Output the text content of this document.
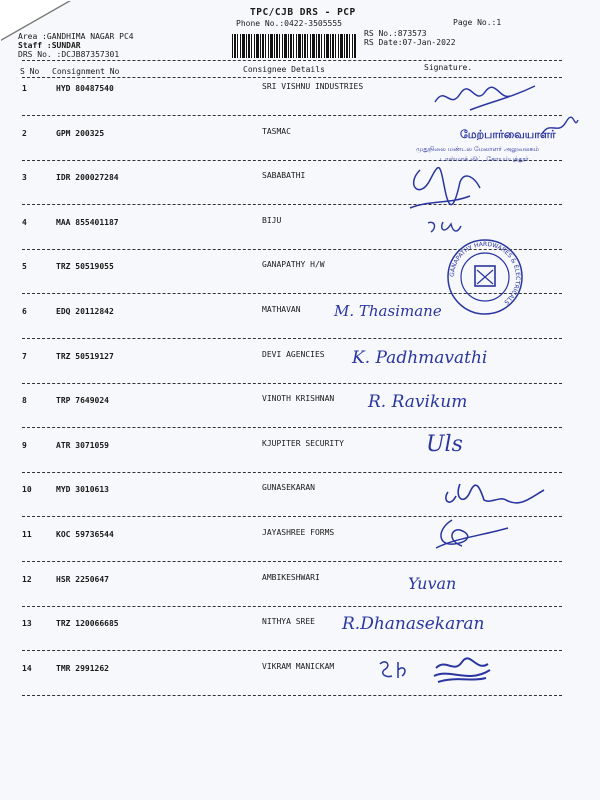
Area :GANDHIMA NAGAR PC4
Staff :SUNDAR
DRS No. :DCJB87357301
TPC/CJB DRS - PCP
Phone No.:0422-3505555
RS No.:873573
RS Date:07-Jan-2022
Page No.:1
S No Consignment No	Consignee Details	Signature.
1	HYD 80487540	SRI VISHNU INDUSTRIES
2	GPM 200325	TASMAC
3	IDR 200027284	SABABATHI
4	MAA 855401187	BIJU
5	TRZ 50519055	GANAPATHY H/W
6	EDQ 20112842	MATHAVAN
7	TRZ 50519127	DEVI AGENCIES
8	TRP 7649024	VINOTH KRISHNAN
9	ATR 3071059	KJUPITER SECURITY
10	MYD 3010613	GUNASEKARAN
11	KOC 59736544	JAYASHREE FORMS
12	HSR 2250647	AMBIKESHWARI
13	TRZ 120066685	NITHYA SREE
14	TMR 2991262	VIKRAM MANICKAM
மேற்பார்வையாளர்
முதுநிலை மண்டல மேலாளர் அலுவலகம்
டாஸ்மாக் லிட், கோயம்புத்தூர்
GANAPATHY HARDWARES & ELECTRICALS
M. Thasimane
K. Padhmavathi
R. Ravikum
Uls
Yuvan
R.Dhanasekaran
